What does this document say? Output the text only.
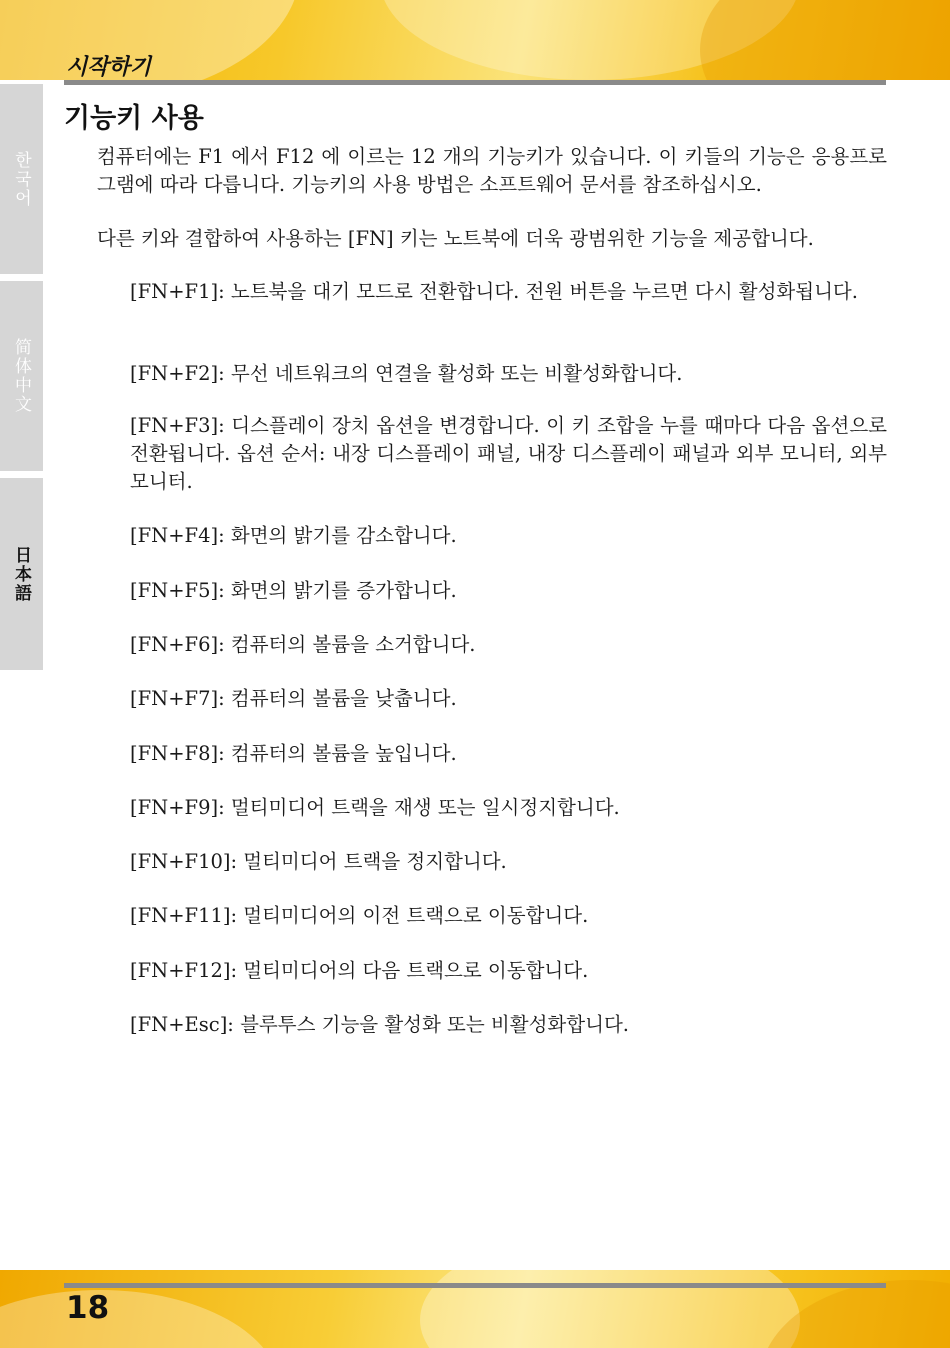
시작하기
기능키 사용
한국어
简体中文
日本語

컴퓨터에는 F1 에서 F12 에 이르는 12 개의 기능키가 있습니다. 이 키들의 기능은 응용프로그램에 따라 다릅니다. 기능키의 사용 방법은 소프트웨어 문서를 참조하십시오.

다른 키와 결합하여 사용하는 [FN] 키는 노트북에 더욱 광범위한 기능을 제공합니다.

[FN+F1]: 노트북을 대기 모드로 전환합니다. 전원 버튼을 누르면 다시 활성화됩니다.

[FN+F2]: 무선 네트워크의 연결을 활성화 또는 비활성화합니다.

[FN+F3]: 디스플레이 장치 옵션을 변경합니다. 이 키 조합을 누를 때마다 다음 옵션으로 전환됩니다. 옵션 순서: 내장 디스플레이 패널, 내장 디스플레이 패널과 외부 모니터, 외부 모니터.

[FN+F4]: 화면의 밝기를 감소합니다.

[FN+F5]: 화면의 밝기를 증가합니다.

[FN+F6]: 컴퓨터의 볼륨을 소거합니다.

[FN+F7]: 컴퓨터의 볼륨을 낮춥니다.

[FN+F8]: 컴퓨터의 볼륨을 높입니다.

[FN+F9]: 멀티미디어 트랙을 재생 또는 일시정지합니다.

[FN+F10]: 멀티미디어 트랙을 정지합니다.

[FN+F11]: 멀티미디어의 이전 트랙으로 이동합니다.

[FN+F12]: 멀티미디어의 다음 트랙으로 이동합니다.

[FN+Esc]: 블루투스 기능을 활성화 또는 비활성화합니다.

18
